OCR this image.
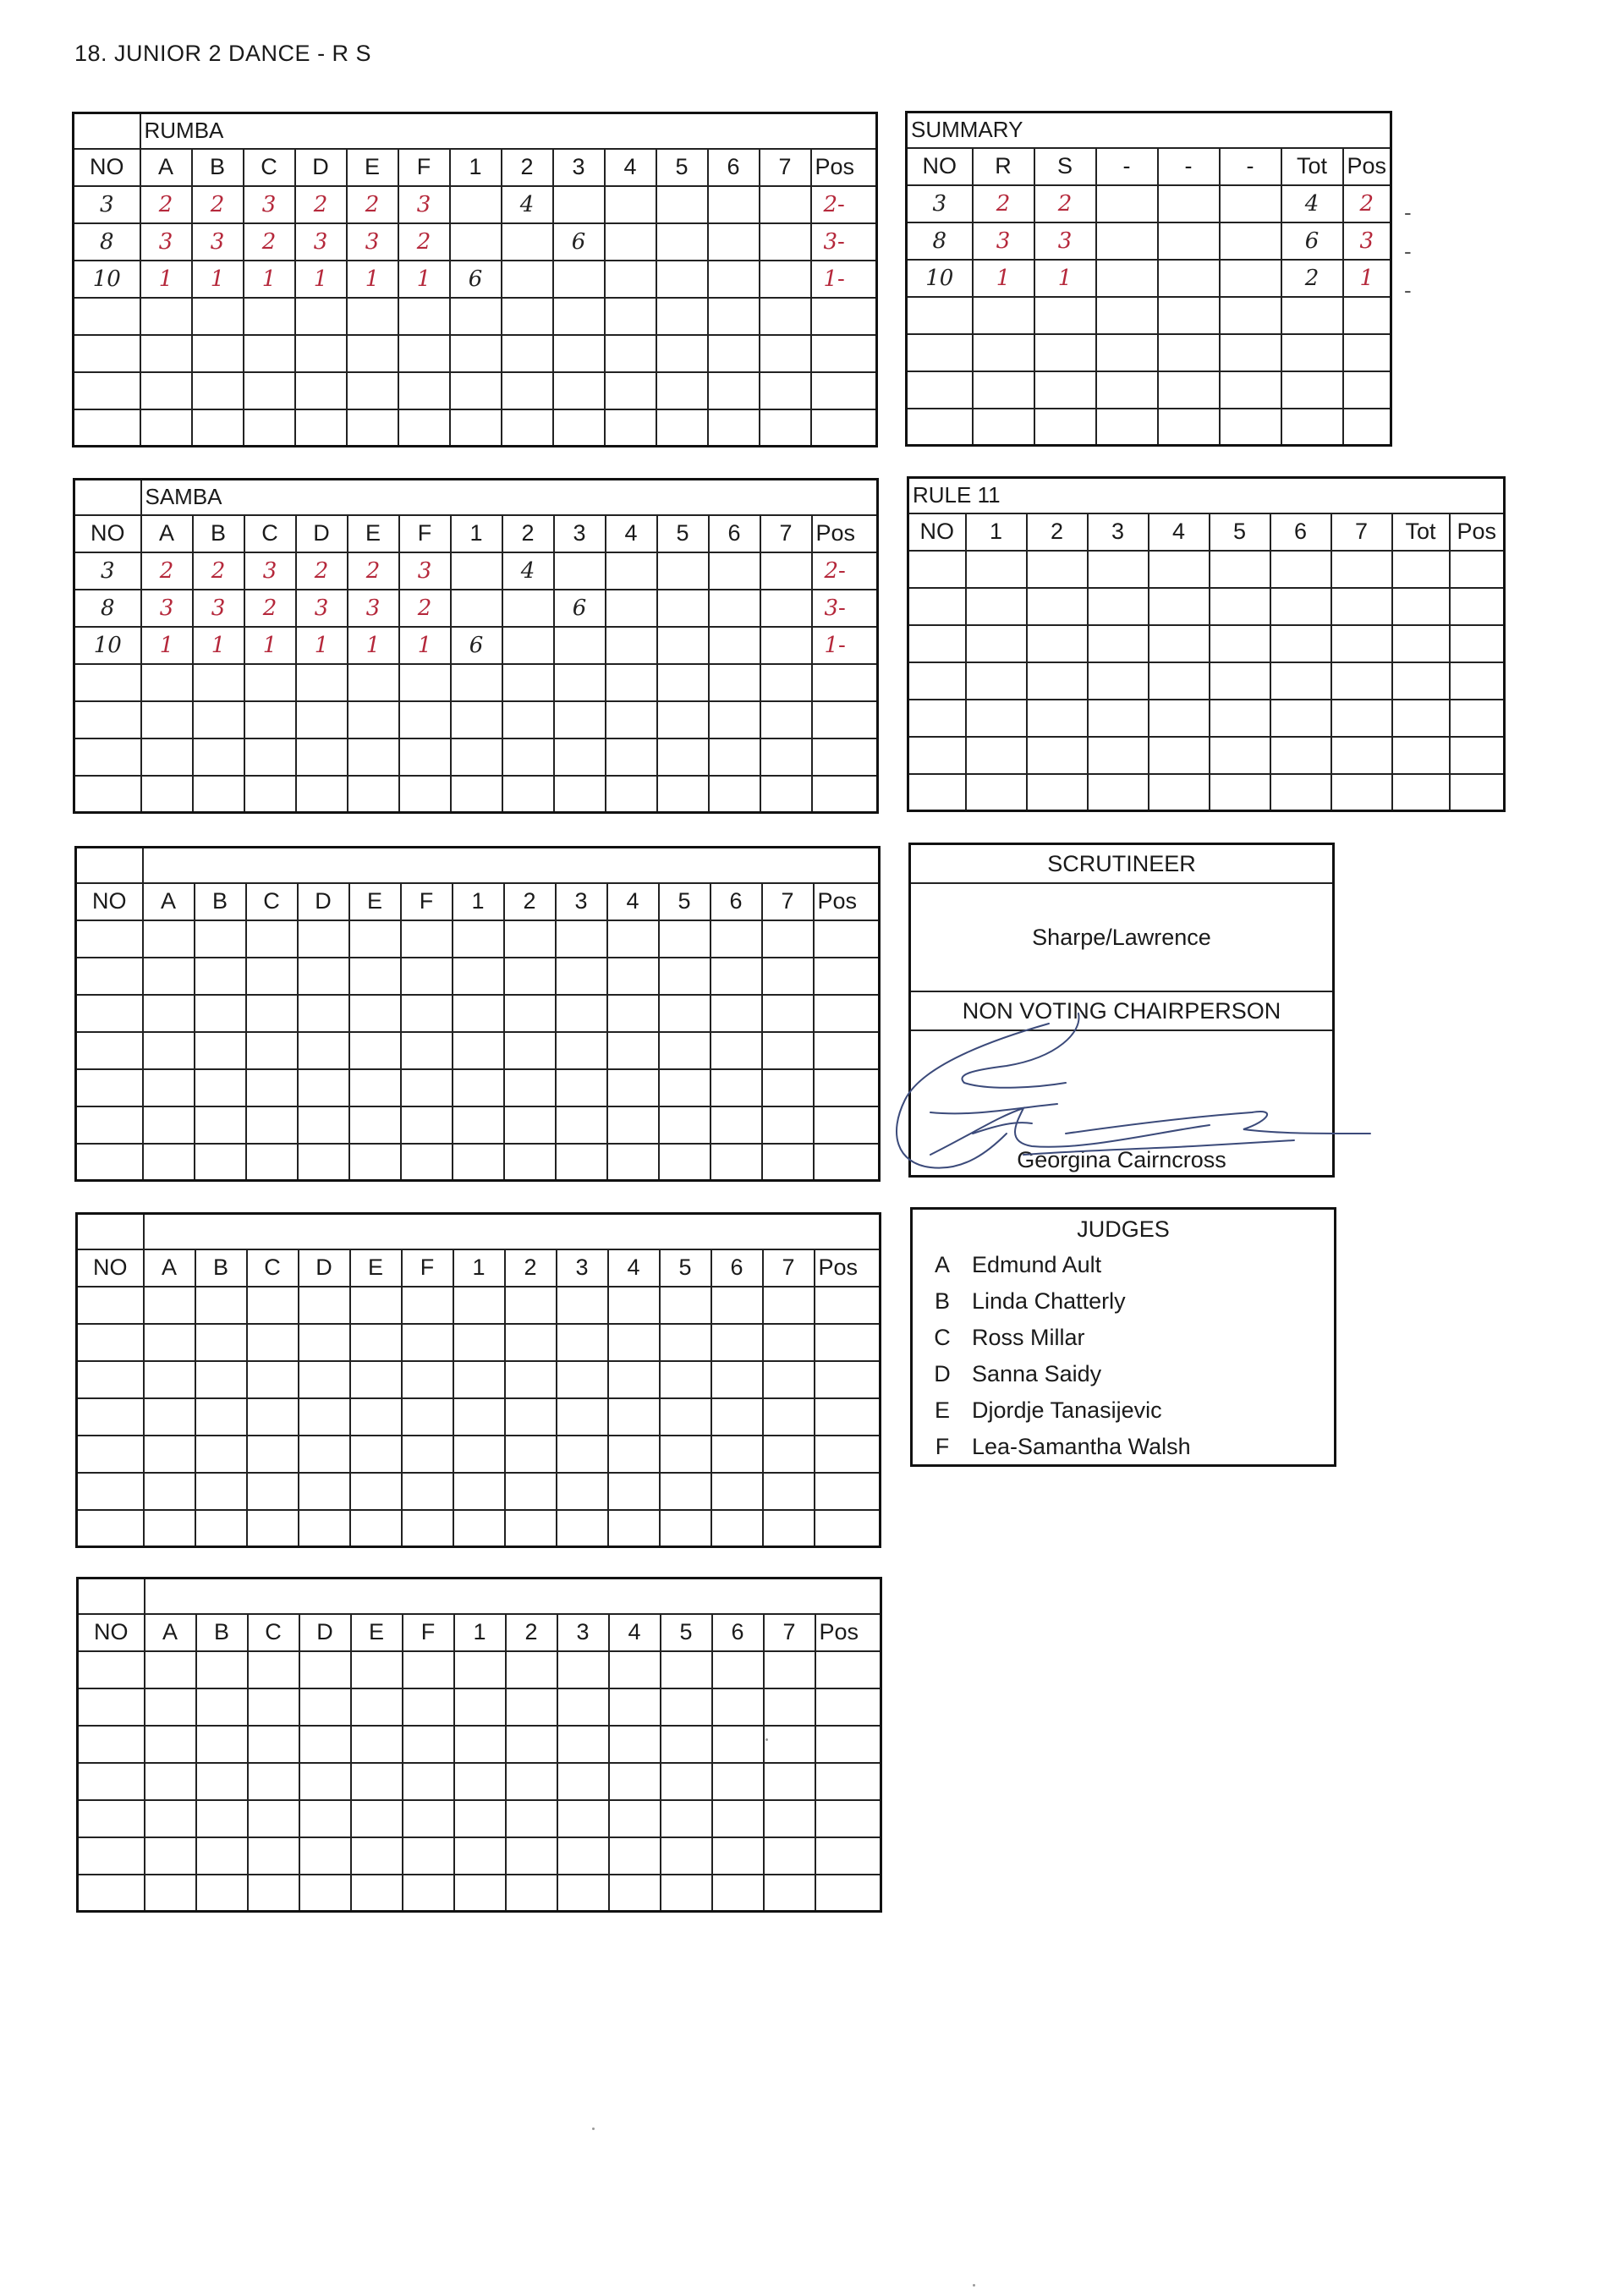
18. JUNIOR 2 DANCE - R S
	RUMBA													
NO	A	B	C	D	E	F	1	2	3	4	5	6	7	Pos
3	2	2	3	2	2	3		4						2-
8	3	3	2	3	3	2			6					3-
10	1	1	1	1	1	1	6							1-

	SAMBA													
NO	A	B	C	D	E	F	1	2	3	4	5	6	7	Pos
3	2	2	3	2	2	3		4						2-
8	3	3	2	3	3	2			6					3-
10	1	1	1	1	1	1	6							1-

NO	A	B	C	D	E	F	1	2	3	4	5	6	7	Pos

NO	A	B	C	D	E	F	1	2	3	4	5	6	7	Pos

NO	A	B	C	D	E	F	1	2	3	4	5	6	7	Pos

SUMMARY							
NO	R	S	-	-	-	Tot	Pos
3	2	2				4	2
8	3	3				6	3
10	1	1				2	1

RULE 11									
NO	1	2	3	4	5	6	7	Tot	Pos

-
-
-
SCRUTINEER
Sharpe/Lawrence
NON VOTING CHAIRPERSON
Georgina Cairncross
JUDGES
A Edmund Ault
B Linda Chatterly
C Ross Millar
D Sanna Saidy
E Djordje Tanasijevic
F Lea-Samantha Walsh
